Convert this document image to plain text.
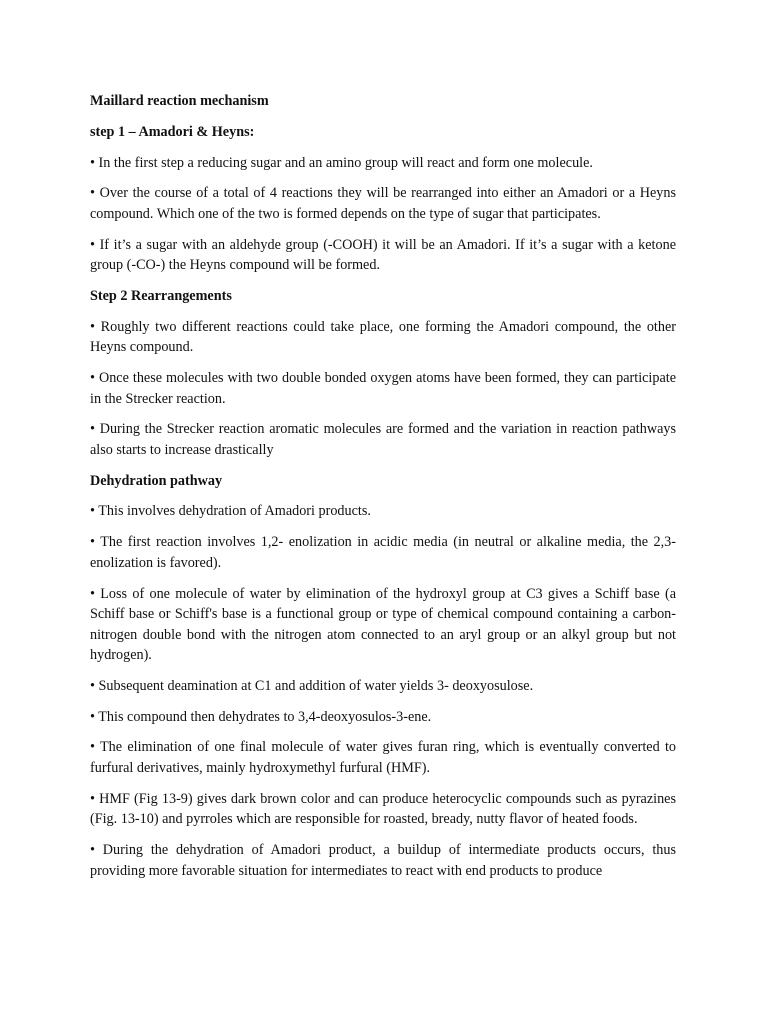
Maillard reaction mechanism
step 1 – Amadori & Heyns:

• In the first step a reducing sugar and an amino group will react and form one molecule.

• Over the course of a total of 4 reactions they will be rearranged into either an Amadori or a Heyns compound. Which one of the two is formed depends on the type of sugar that participates.

• If it’s a sugar with an aldehyde group (-COOH) it will be an Amadori. If it’s a sugar with a ketone group (-CO-) the Heyns compound will be formed.

Step 2 Rearrangements

• Roughly two different reactions could take place, one forming the Amadori compound, the other Heyns compound.

• Once these molecules with two double bonded oxygen atoms have been formed, they can participate in the Strecker reaction.

• During the Strecker reaction aromatic molecules are formed and the variation in reaction pathways also starts to increase drastically

Dehydration pathway

• This involves dehydration of Amadori products.

• The first reaction involves 1,2- enolization in acidic media (in neutral or alkaline media, the 2,3-enolization is favored).

• Loss of one molecule of water by elimination of the hydroxyl group at C3 gives a Schiff base (a Schiff base or Schiff's base is a functional group or type of chemical compound containing a carbon-nitrogen double bond with the nitrogen atom connected to an aryl group or an alkyl group but not hydrogen).

• Subsequent deamination at C1 and addition of water yields 3- deoxyosulose.

• This compound then dehydrates to 3,4-deoxyosulos-3-ene.

• The elimination of one final molecule of water gives furan ring, which is eventually converted to furfural derivatives, mainly hydroxymethyl furfural (HMF).

• HMF (Fig 13-9) gives dark brown color and can produce heterocyclic compounds such as pyrazines (Fig. 13-10) and pyrroles which are responsible for roasted, bready, nutty flavor of heated foods.

• During the dehydration of Amadori product, a buildup of intermediate products occurs, thus providing more favorable situation for intermediates to react with end products to produce
